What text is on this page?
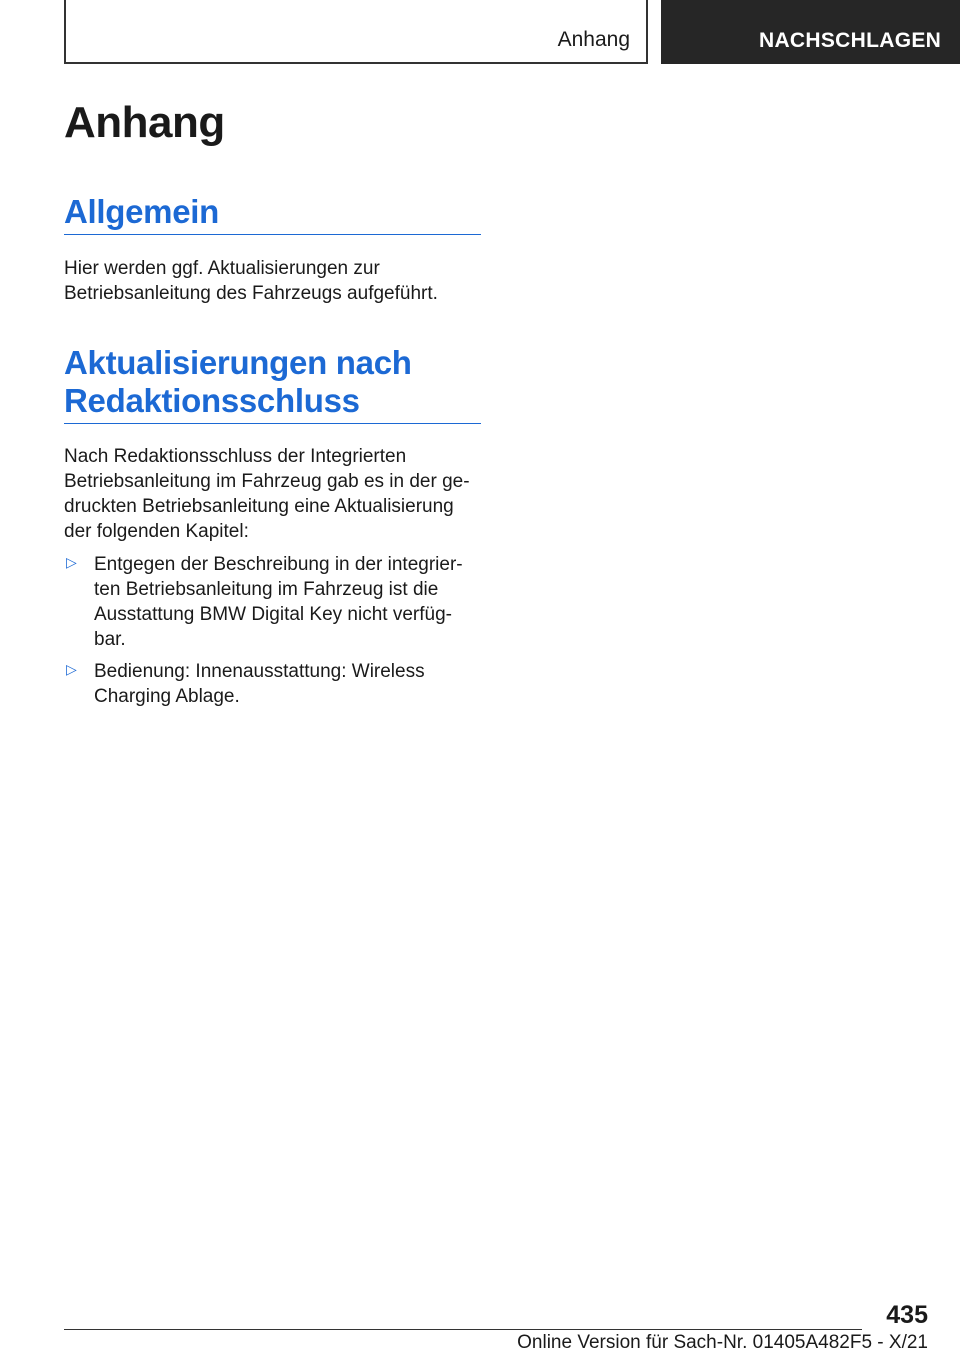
Anhang	NACHSCHLAGEN
Anhang
Allgemein

Hier werden ggf. Aktualisierungen zur
Betriebsanleitung des Fahrzeugs aufgeführt.

Aktualisierungen nach
Redaktionsschluss

Nach Redaktionsschluss der Integrierten
Betriebsanleitung im Fahrzeug gab es in der ge-
druckten Betriebsanleitung eine Aktualisierung
der folgenden Kapitel:

▷ Entgegen der Beschreibung in der integrier-
ten Betriebsanleitung im Fahrzeug ist die
Ausstattung BMW Digital Key nicht verfüg-
bar.

▷ Bedienung: Innenausstattung: Wireless
Charging Ablage.

435
Online Version für Sach-Nr. 01405A482F5 - X/21
